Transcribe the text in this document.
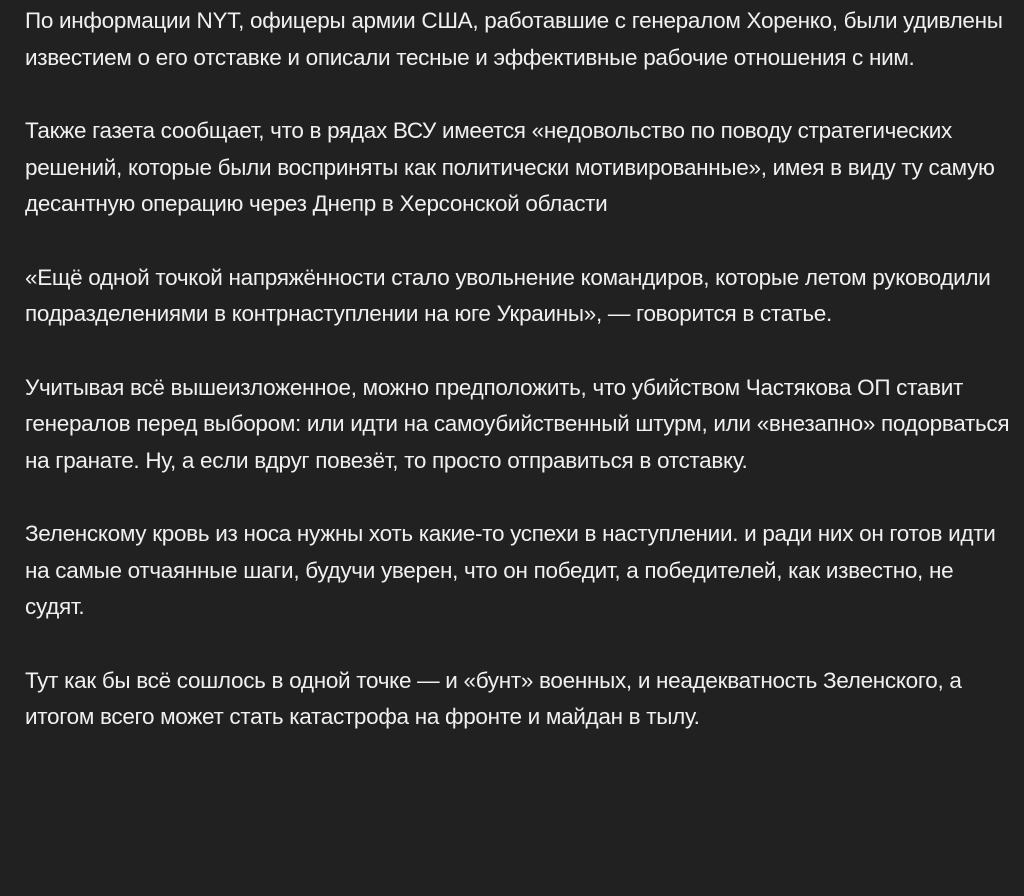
По информации NYT, офицеры армии США, работавшие с генералом Хоренко, были удивлены известием о его отставке и описали тесные и эффективные рабочие отношения с ним.

Также газета сообщает, что в рядах ВСУ имеется «недовольство по поводу стратегических решений, которые были восприняты как политически мотивированные», имея в виду ту самую десантную операцию через Днепр в Херсонской области

«Ещё одной точкой напряжённости стало увольнение командиров, которые летом руководили подразделениями в контрнаступлении на юге Украины», — говорится в статье.

Учитывая всё вышеизложенное, можно предположить, что убийством Частякова ОП ставит генералов перед выбором: или идти на самоубийственный штурм, или «внезапно» подорваться на гранате. Ну, а если вдруг повезёт, то просто отправиться в отставку.

Зеленскому кровь из носа нужны хоть какие-то успехи в наступлении. и ради них он готов идти на самые отчаянные шаги, будучи уверен, что он победит, а победителей, как известно, не судят.

Тут как бы всё сошлось в одной точке — и «бунт» военных, и неадекватность Зеленского, а итогом всего может стать катастрофа на фронте и майдан в тылу.
